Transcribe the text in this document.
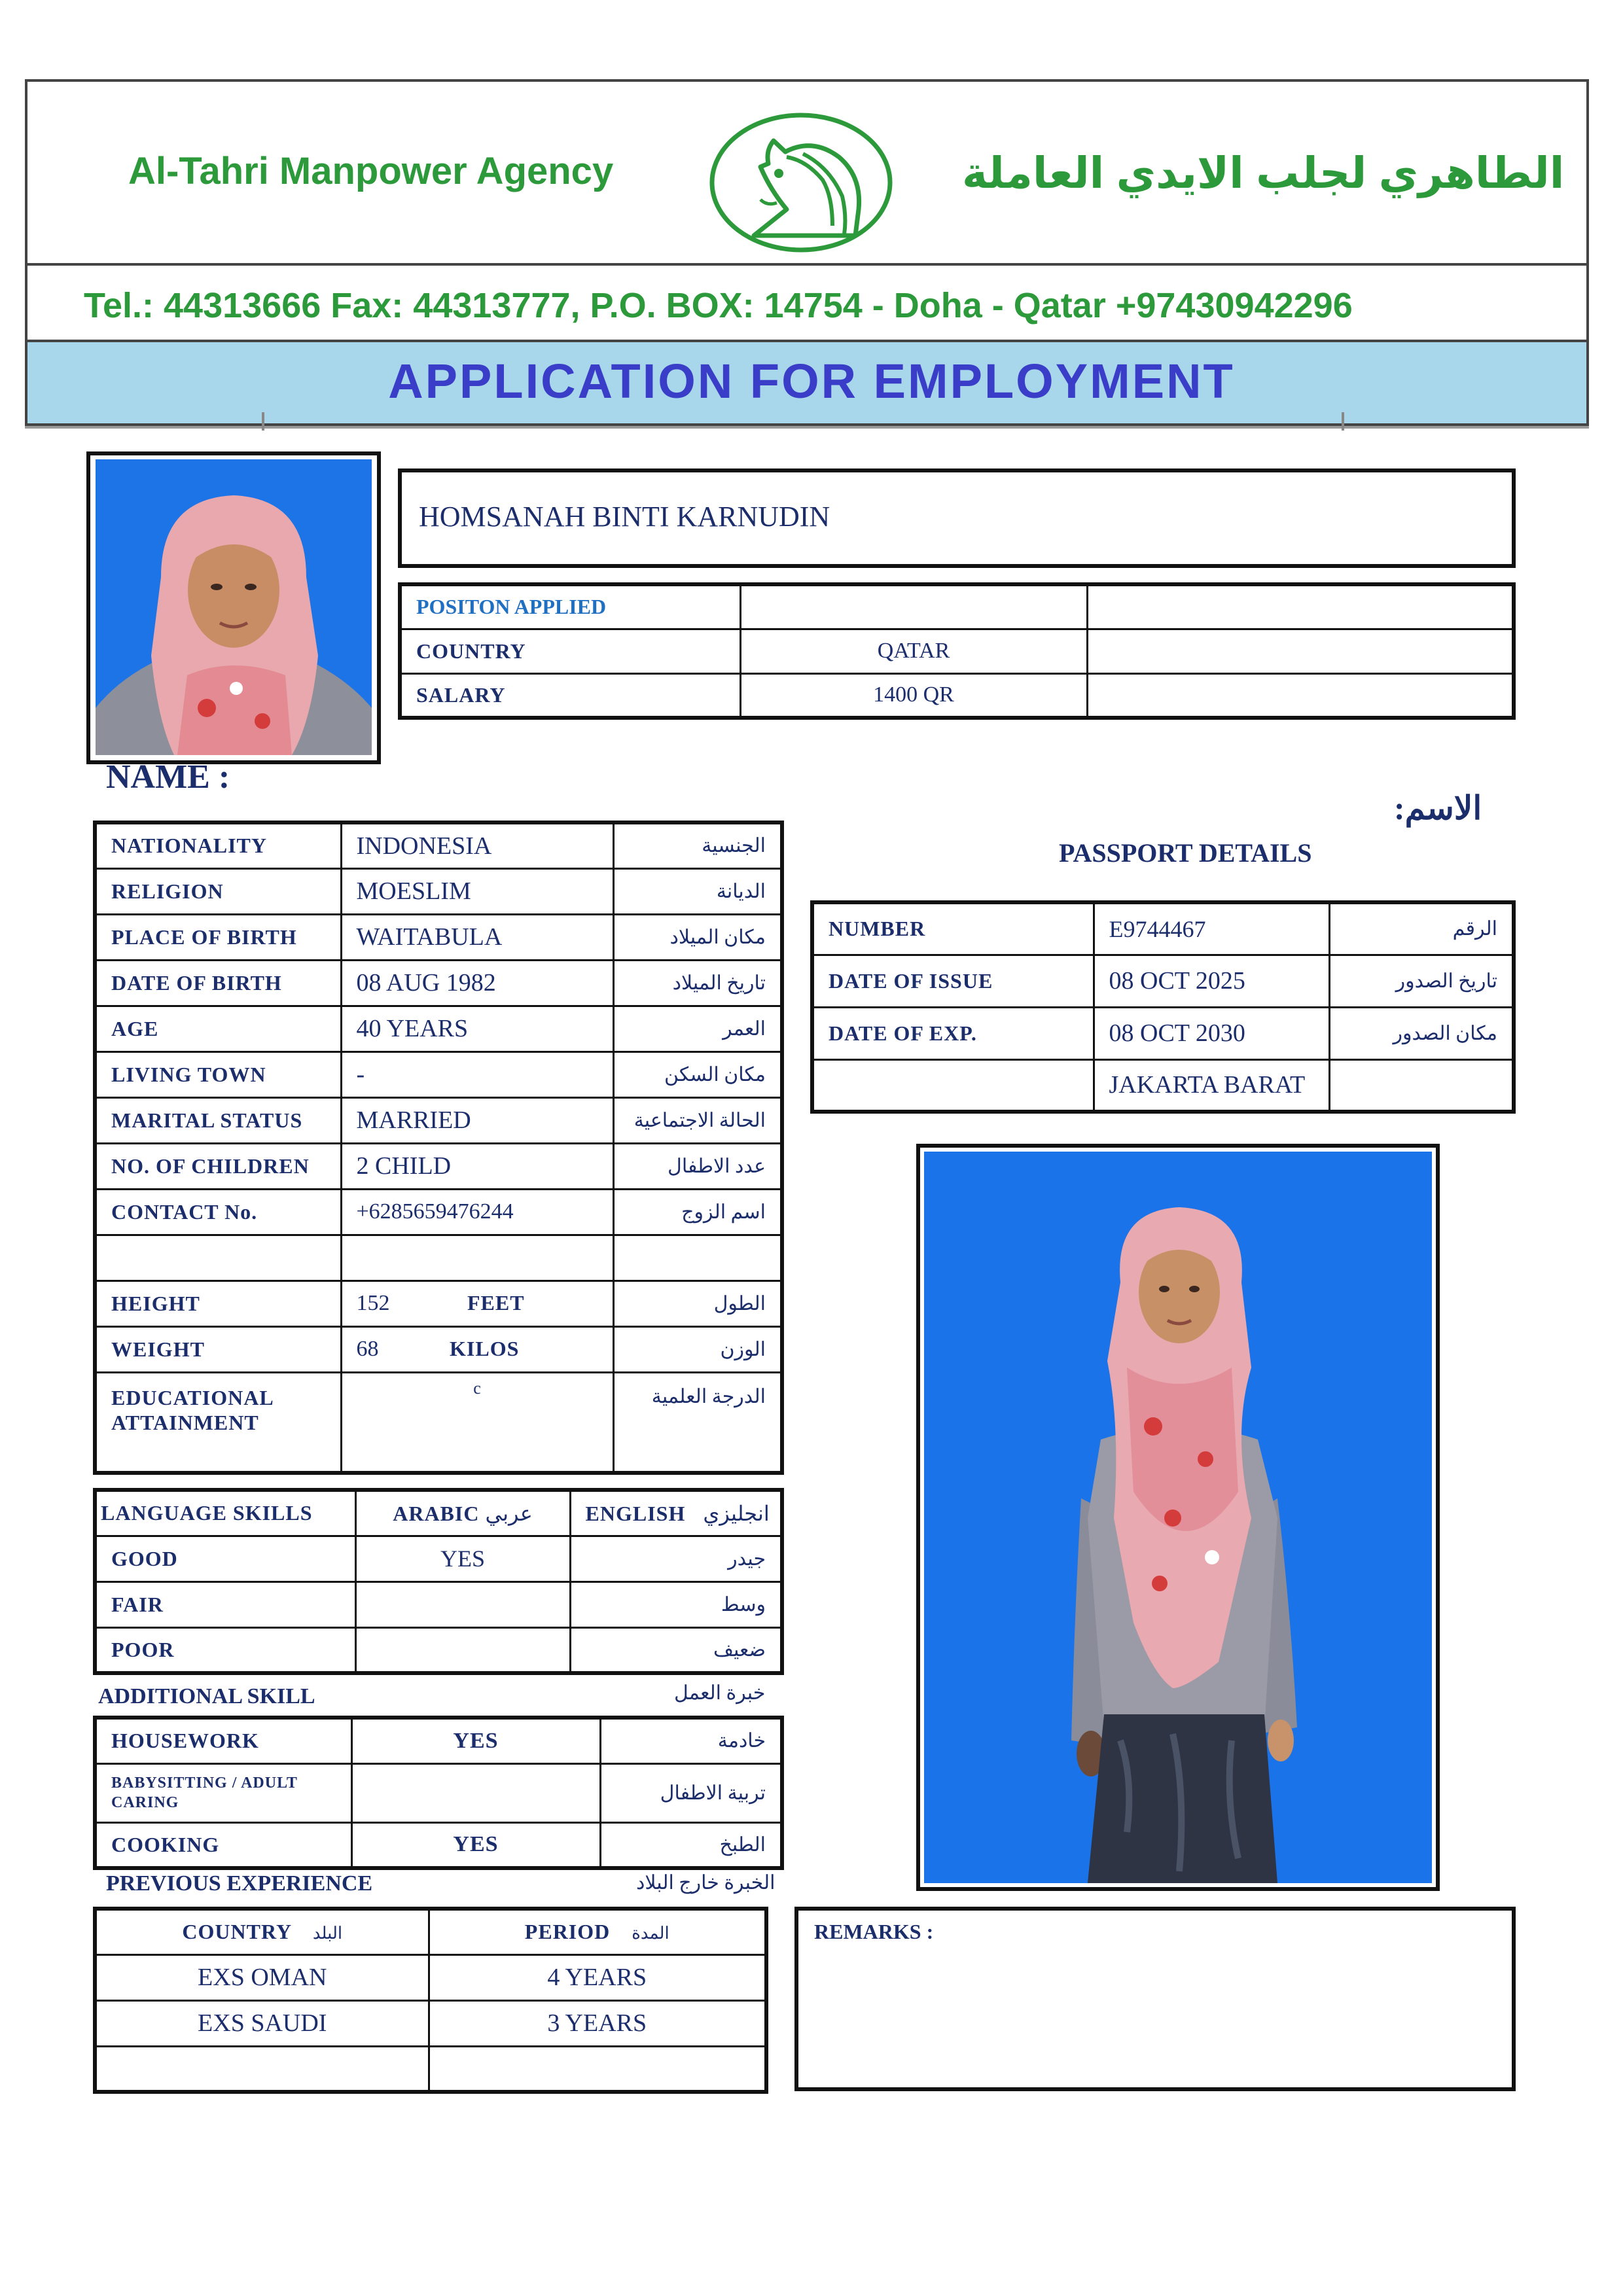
Al-Tahri Manpower Agency	الطاهري لجلب الايدي العاملة
Tel.: 44313666 Fax: 44313777, P.O. BOX: 14754 - Doha - Qatar +97430942296
APPLICATION FOR EMPLOYMENT
HOMSANAH BINTI KARNUDIN
POSITON APPLIED		
COUNTRY	QATAR	
SALARY	1400 QR	
NAME :
الاسم:
NATIONALITY	INDONESIA	الجنسية
RELIGION	MOESLIM	الديانة
PLACE OF BIRTH	WAITABULA	مكان الميلاد
DATE OF BIRTH	08 AUG 1982	تاريخ الميلاد
AGE	40 YEARS	العمر
LIVING TOWN	-	مكان السكن
MARITAL STATUS	MARRIED	الحالة الاجتماعية
NO. OF CHILDREN	2 CHILD	عدد الاطفال
CONTACT No.	+6285659476244	اسم الزوج

HEIGHT	152 FEET	الطول
WEIGHT	68 KILOS	الوزن

EDUCATIONAL
ATTAINMENT	c	الدرجة العلمية
PASSPORT DETAILS
NUMBER	E9744467	الرقم
DATE OF ISSUE	08 OCT 2025	تاريخ الصدور
DATE OF EXP.	08 OCT 2030	مكان الصدور
	JAKARTA BARAT	
LANGUAGE SKILLS	ARABIC عربي	ENGLISH انجليزي
GOOD	YES	جيدر
FAIR		وسط
POOR		ضعيف
ADDITIONAL SKILL	خبرة العمل
HOUSEWORK	YES	خادمة
BABYSITTING / ADULT CARING		تربية الاطفال
COOKING	YES	الطبخ
PREVIOUS EXPERIENCE	الخبرة خارج البلاد
COUNTRY البلد	PERIOD المدة
EXS OMAN	4 YEARS
EXS SAUDI	3 YEARS

REMARKS :
